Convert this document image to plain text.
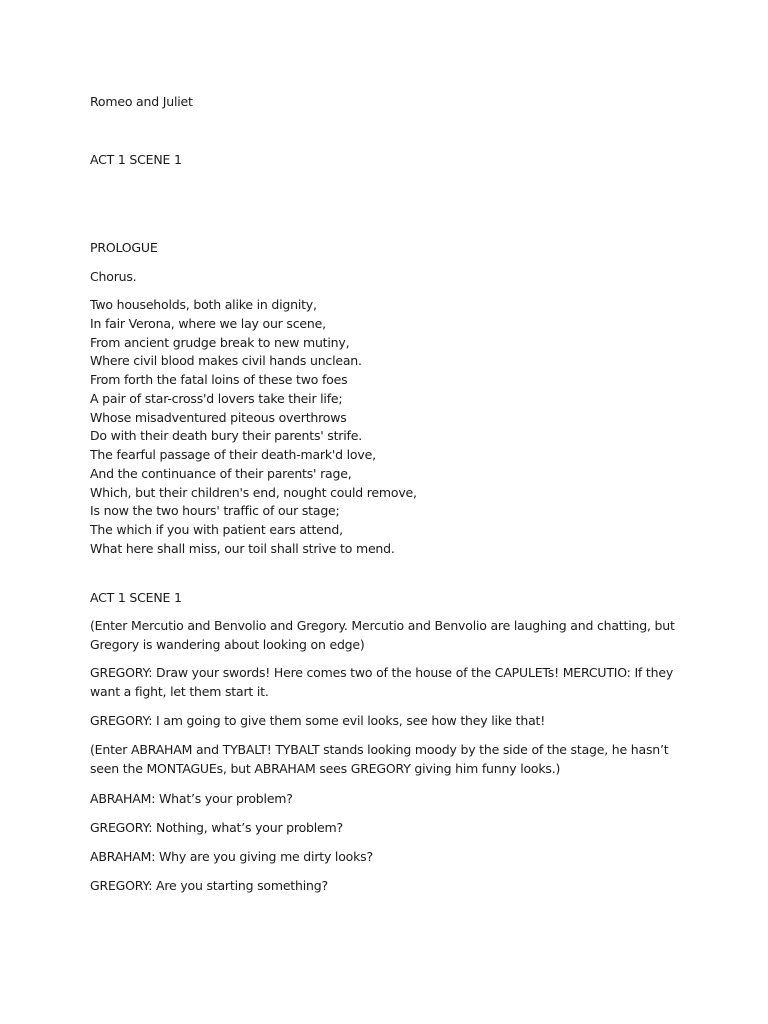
Romeo and Juliet
ACT 1 SCENE 1
PROLOGUE
Chorus.
Two households, both alike in dignity,
In fair Verona, where we lay our scene,
From ancient grudge break to new mutiny,
Where civil blood makes civil hands unclean.
From forth the fatal loins of these two foes
A pair of star-cross'd lovers take their life;
Whose misadventured piteous overthrows
Do with their death bury their parents' strife.
The fearful passage of their death-mark'd love,
And the continuance of their parents' rage,
Which, but their children's end, nought could remove,
Is now the two hours' traffic of our stage;
The which if you with patient ears attend,
What here shall miss, our toil shall strive to mend.
ACT 1 SCENE 1
(Enter Mercutio and Benvolio and Gregory. Mercutio and Benvolio are laughing and chatting, but Gregory is wandering about looking on edge)
GREGORY: Draw your swords! Here comes two of the house of the CAPULETs! MERCUTIO: If they want a fight, let them start it.
GREGORY: I am going to give them some evil looks, see how they like that!
(Enter ABRAHAM and TYBALT! TYBALT stands looking moody by the side of the stage, he hasn’t seen the MONTAGUEs, but ABRAHAM sees GREGORY giving him funny looks.)
ABRAHAM: What’s your problem?
GREGORY: Nothing, what’s your problem?
ABRAHAM: Why are you giving me dirty looks?
GREGORY: Are you starting something?
